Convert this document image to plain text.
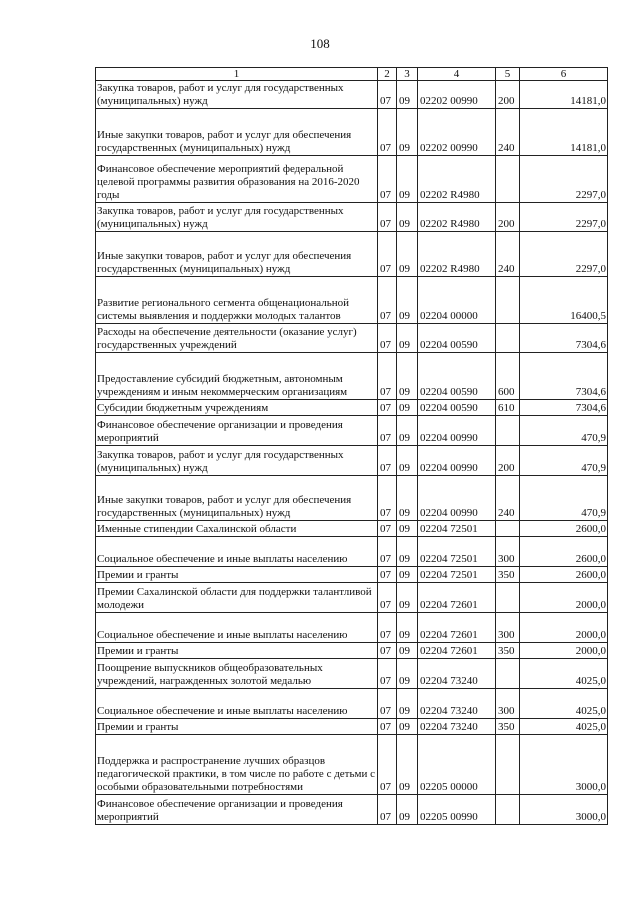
108
1	2	3	4	5	6
Закупка товаров, работ и услуг для государственных (муниципальных) нужд	07	09	02202 00990	200	14181,0
Иные закупки товаров, работ и услуг для обеспечения государственных (муниципальных) нужд	07	09	02202 00990	240	14181,0
Финансовое обеспечение мероприятий федеральной целевой программы развития образования на 2016-2020 годы	07	09	02202 R4980		2297,0
Закупка товаров, работ и услуг для государственных (муниципальных) нужд	07	09	02202 R4980	200	2297,0
Иные закупки товаров, работ и услуг для обеспечения государственных (муниципальных) нужд	07	09	02202 R4980	240	2297,0
Развитие регионального сегмента общенациональной системы выявления и поддержки молодых талантов	07	09	02204 00000		16400,5
Расходы на обеспечение деятельности (оказание услуг) государственных учреждений	07	09	02204 00590		7304,6
Предоставление субсидий бюджетным, автономным учреждениям и иным некоммерческим организациям	07	09	02204 00590	600	7304,6
Субсидии бюджетным учреждениям	07	09	02204 00590	610	7304,6
Финансовое обеспечение организации и проведения мероприятий	07	09	02204 00990		470,9
Закупка товаров, работ и услуг для государственных (муниципальных) нужд	07	09	02204 00990	200	470,9
Иные закупки товаров, работ и услуг для обеспечения государственных (муниципальных) нужд	07	09	02204 00990	240	470,9
Именные стипендии Сахалинской области	07	09	02204 72501		2600,0
Социальное обеспечение и иные выплаты населению	07	09	02204 72501	300	2600,0
Премии и гранты	07	09	02204 72501	350	2600,0
Премии Сахалинской области для поддержки талантливой молодежи	07	09	02204 72601		2000,0
Социальное обеспечение и иные выплаты населению	07	09	02204 72601	300	2000,0
Премии и гранты	07	09	02204 72601	350	2000,0
Поощрение выпускников общеобразовательных учреждений, награжденных золотой медалью	07	09	02204 73240		4025,0
Социальное обеспечение и иные выплаты населению	07	09	02204 73240	300	4025,0
Премии и гранты	07	09	02204 73240	350	4025,0
Поддержка и распространение лучших образцов педагогической практики, в том числе по работе с детьми с особыми образовательными потребностями	07	09	02205 00000		3000,0
Финансовое обеспечение организации и проведения мероприятий	07	09	02205 00990		3000,0
